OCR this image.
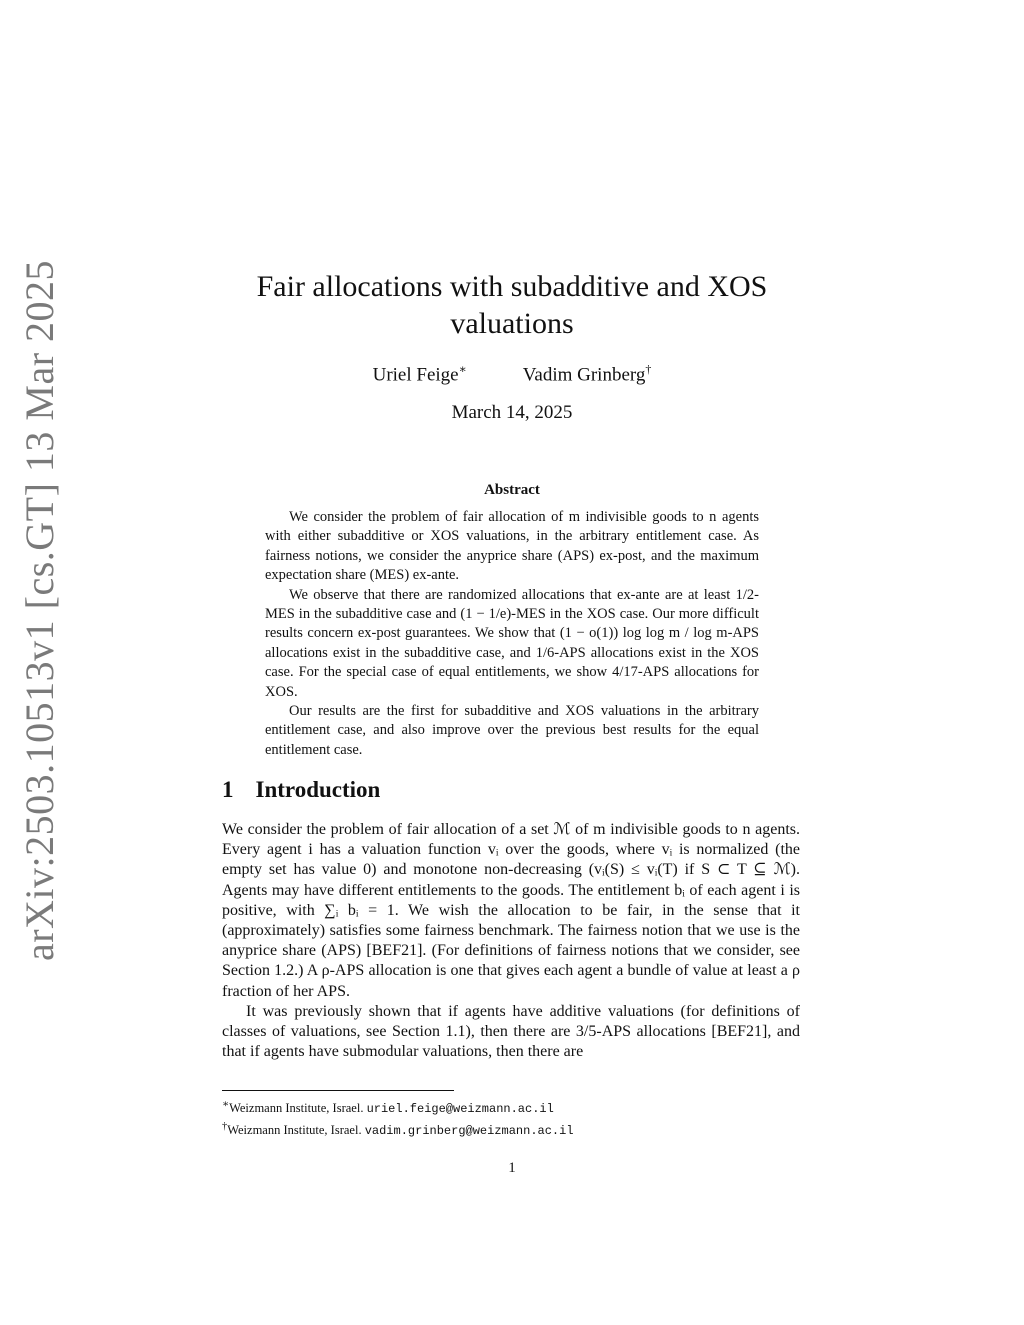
arXiv:2503.10513v1 [cs.GT] 13 Mar 2025	Fair allocations with subadditive and XOS valuations
Uriel Feige∗	Vadim Grinberg†
March 14, 2025
Abstract

We consider the problem of fair allocation of m indivisible goods to n agents with either subadditive or XOS valuations, in the arbitrary entitlement case. As fairness notions, we consider the anyprice share (APS) ex-post, and the maximum expectation share (MES) ex-ante.

We observe that there are randomized allocations that ex-ante are at least 1/2-MES in the subadditive case and (1 − 1/e)-MES in the XOS case. Our more difficult results concern ex-post guarantees. We show that (1 − o(1)) log log m / log m-APS allocations exist in the subadditive case, and 1/6-APS allocations exist in the XOS case. For the special case of equal entitlements, we show 4/17-APS allocations for XOS.

Our results are the first for subadditive and XOS valuations in the arbitrary entitlement case, and also improve over the previous best results for the equal entitlement case.

1 Introduction

We consider the problem of fair allocation of a set ℳ of m indivisible goods to n agents. Every agent i has a valuation function vᵢ over the goods, where vᵢ is normalized (the empty set has value 0) and monotone non-decreasing (vᵢ(S) ≤ vᵢ(T) if S ⊂ T ⊆ ℳ). Agents may have different entitlements to the goods. The entitlement bᵢ of each agent i is positive, with ∑ᵢ bᵢ = 1. We wish the allocation to be fair, in the sense that it (approximately) satisfies some fairness benchmark. The fairness notion that we use is the anyprice share (APS) [BEF21]. (For definitions of fairness notions that we consider, see Section 1.2.) A ρ-APS allocation is one that gives each agent a bundle of value at least a ρ fraction of her APS.

It was previously shown that if agents have additive valuations (for definitions of classes of valuations, see Section 1.1), then there are 3/5-APS allocations [BEF21], and that if agents have submodular valuations, then there are

∗Weizmann Institute, Israel. uriel.feige@weizmann.ac.il
†Weizmann Institute, Israel. vadim.grinberg@weizmann.ac.il
1
